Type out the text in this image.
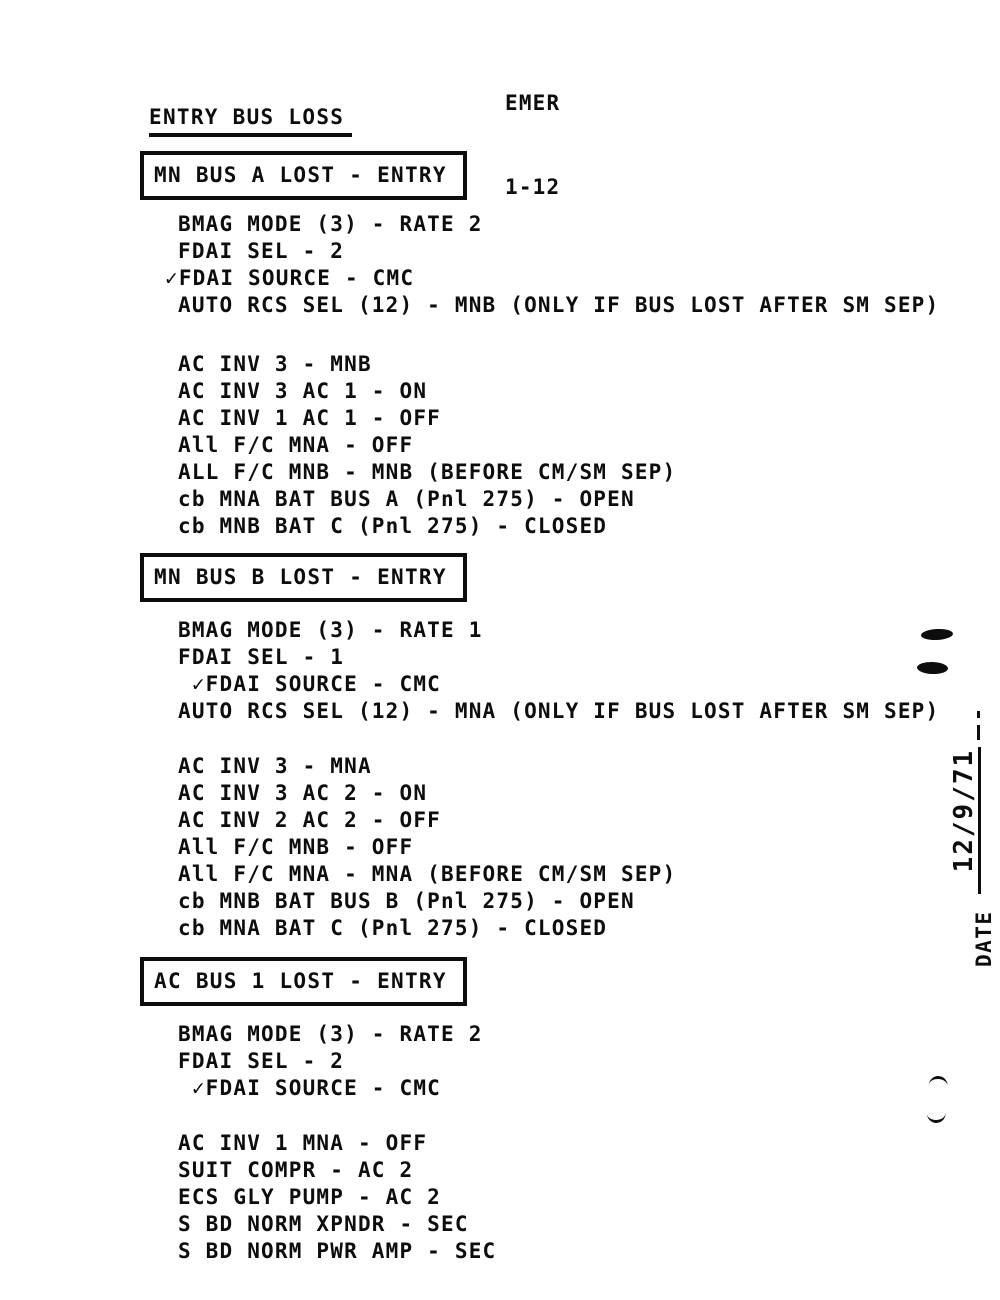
EMER

1-12

ENTRY BUS LOSS
MN BUS A LOST - ENTRY
BMAG MODE (3) - RATE 2
FDAI SEL - 2
✓FDAI SOURCE - CMC
AUTO RCS SEL (12) - MNB (ONLY IF BUS LOST AFTER SM SEP)
AC INV 3 - MNB
AC INV 3 AC 1 - ON
AC INV 1 AC 1 - OFF
All F/C MNA - OFF
ALL F/C MNB - MNB (BEFORE CM/SM SEP)
cb MNA BAT BUS A (Pnl 275) - OPEN
cb MNB BAT C (Pnl 275) - CLOSED
MN BUS B LOST - ENTRY
BMAG MODE (3) - RATE 1
FDAI SEL - 1
✓FDAI SOURCE - CMC
AUTO RCS SEL (12) - MNA (ONLY IF BUS LOST AFTER SM SEP)
AC INV 3 - MNA
AC INV 3 AC 2 - ON
AC INV 2 AC 2 - OFF
All F/C MNB - OFF
All F/C MNA - MNA (BEFORE CM/SM SEP)
cb MNB BAT BUS B (Pnl 275) - OPEN
cb MNA BAT C (Pnl 275) - CLOSED
AC BUS 1 LOST - ENTRY
BMAG MODE (3) - RATE 2
FDAI SEL - 2
✓FDAI SOURCE - CMC
AC INV 1 MNA - OFF
SUIT COMPR - AC 2
ECS GLY PUMP - AC 2
S BD NORM XPNDR - SEC
S BD NORM PWR AMP - SEC
DATE
12/9/71
